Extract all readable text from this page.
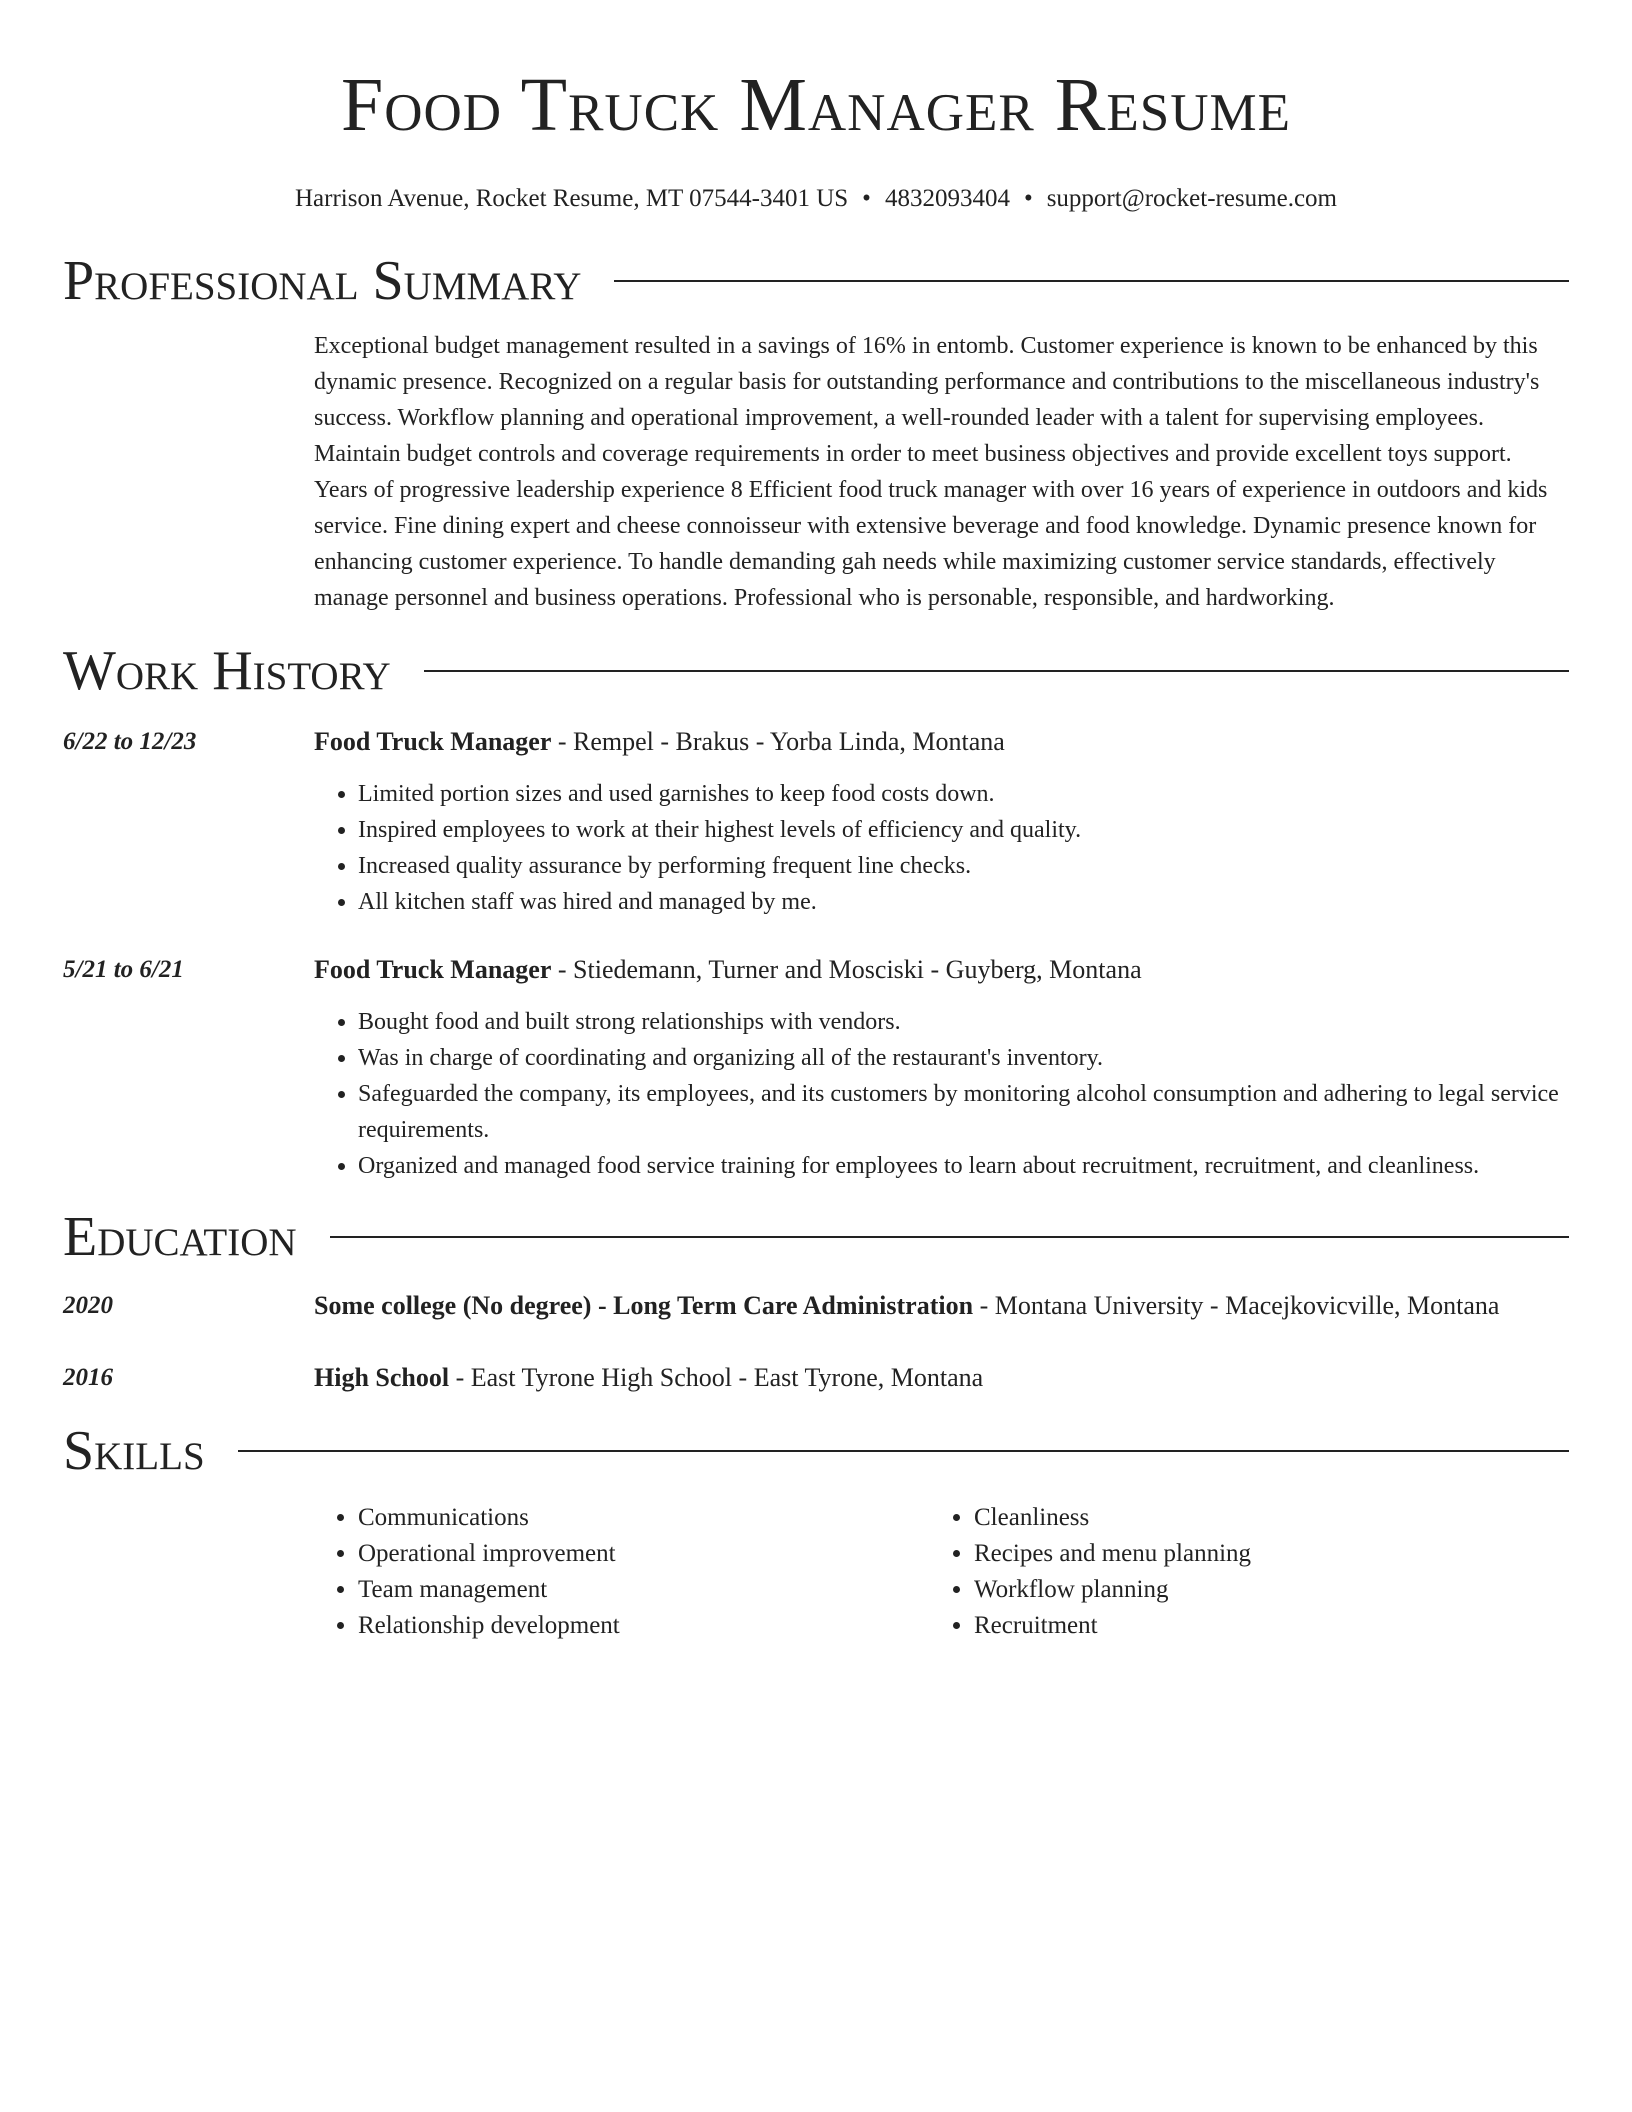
Food Truck Manager Resume
Harrison Avenue, Rocket Resume, MT 07544-3401 US • 4832093404 • support@rocket-resume.com
Professional Summary
Exceptional budget management resulted in a savings of 16% in entomb. Customer experience is known to be enhanced by this dynamic presence. Recognized on a regular basis for outstanding performance and contributions to the miscellaneous industry's success. Workflow planning and operational improvement, a well-rounded leader with a talent for supervising employees. Maintain budget controls and coverage requirements in order to meet business objectives and provide excellent toys support. Years of progressive leadership experience 8 Efficient food truck manager with over 16 years of experience in outdoors and kids service. Fine dining expert and cheese connoisseur with extensive beverage and food knowledge. Dynamic presence known for enhancing customer experience. To handle demanding gah needs while maximizing customer service standards, effectively manage personnel and business operations. Professional who is personable, responsible, and hardworking.
Work History
6/22 to 12/23	Food Truck Manager - Rempel - Brakus - Yorba Linda, Montana
• Limited portion sizes and used garnishes to keep food costs down.
• Inspired employees to work at their highest levels of efficiency and quality.
• Increased quality assurance by performing frequent line checks.
• All kitchen staff was hired and managed by me.
5/21 to 6/21	Food Truck Manager - Stiedemann, Turner and Mosciski - Guyberg, Montana
• Bought food and built strong relationships with vendors.
• Was in charge of coordinating and organizing all of the restaurant's inventory.
• Safeguarded the company, its employees, and its customers by monitoring alcohol consumption and adhering to legal service requirements.
• Organized and managed food service training for employees to learn about recruitment, recruitment, and cleanliness.
Education
2020	Some college (No degree) - Long Term Care Administration - Montana University - Macejkovicville, Montana
2016	High School - East Tyrone High School - East Tyrone, Montana
Skills
• Communications
• Operational improvement
• Team management
• Relationship development
• Cleanliness
• Recipes and menu planning
• Workflow planning
• Recruitment
